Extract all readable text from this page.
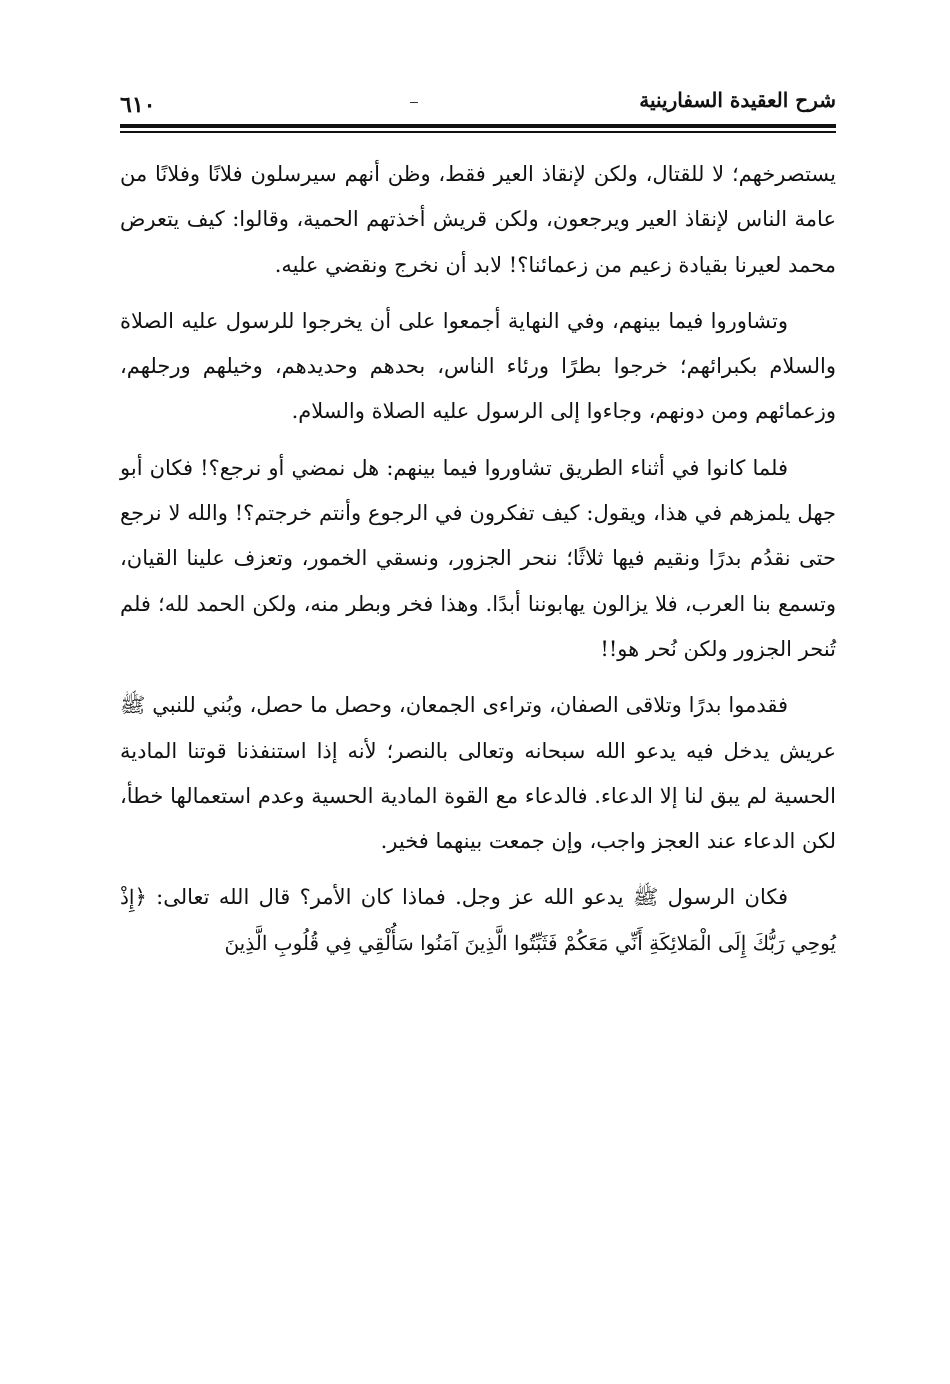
شرح العقيدة السفارينية
٦١٠

يستصرخهم؛ لا للقتال، ولكن لإنقاذ العير فقط، وظن أنهم سيرسلون فلانًا وفلانًا من عامة الناس لإنقاذ العير ويرجعون، ولكن قريش أخذتهم الحمية، وقالوا: كيف يتعرض محمد لعيرنا بقيادة زعيم من زعمائنا؟! لابد أن نخرج ونقضي عليه.

وتشاوروا فيما بينهم، وفي النهاية أجمعوا على أن يخرجوا للرسول عليه الصلاة والسلام بكبرائهم؛ خرجوا بطرًا ورئاء الناس، بحدهم وحديدهم، وخيلهم ورجلهم، وزعمائهم ومن دونهم، وجاءوا إلى الرسول عليه الصلاة والسلام.

فلما كانوا في أثناء الطريق تشاوروا فيما بينهم: هل نمضي أو نرجع؟! فكان أبو جهل يلمزهم في هذا، ويقول: كيف تفكرون في الرجوع وأنتم خرجتم؟! والله لا نرجع حتى نقدُم بدرًا ونقيم فيها ثلاثًا؛ ننحر الجزور، ونسقي الخمور، وتعزف علينا القيان، وتسمع بنا العرب، فلا يزالون يهابوننا أبدًا. وهذا فخر وبطر منه، ولكن الحمد لله؛ فلم تُنحر الجزور ولكن نُحر هو!!

فقدموا بدرًا وتلاقى الصفان، وتراءى الجمعان، وحصل ما حصل، وبُني للنبي ﷺ عريش يدخل فيه يدعو الله سبحانه وتعالى بالنصر؛ لأنه إذا استنفذنا قوتنا المادية الحسية لم يبق لنا إلا الدعاء. فالدعاء مع القوة المادية الحسية وعدم استعمالها خطأ، لكن الدعاء عند العجز واجب، وإن جمعت بينهما فخير.

فكان الرسول ﷺ يدعو الله عز وجل. فماذا كان الأمر؟ قال الله تعالى: ﴿إِذْ يُوحِي رَبُّكَ إِلَى الْمَلائِكَةِ أَنِّي مَعَكُمْ فَثَبِّتُوا الَّذِينَ آمَنُوا سَأُلْقِي فِي قُلُوبِ الَّذِينَ
